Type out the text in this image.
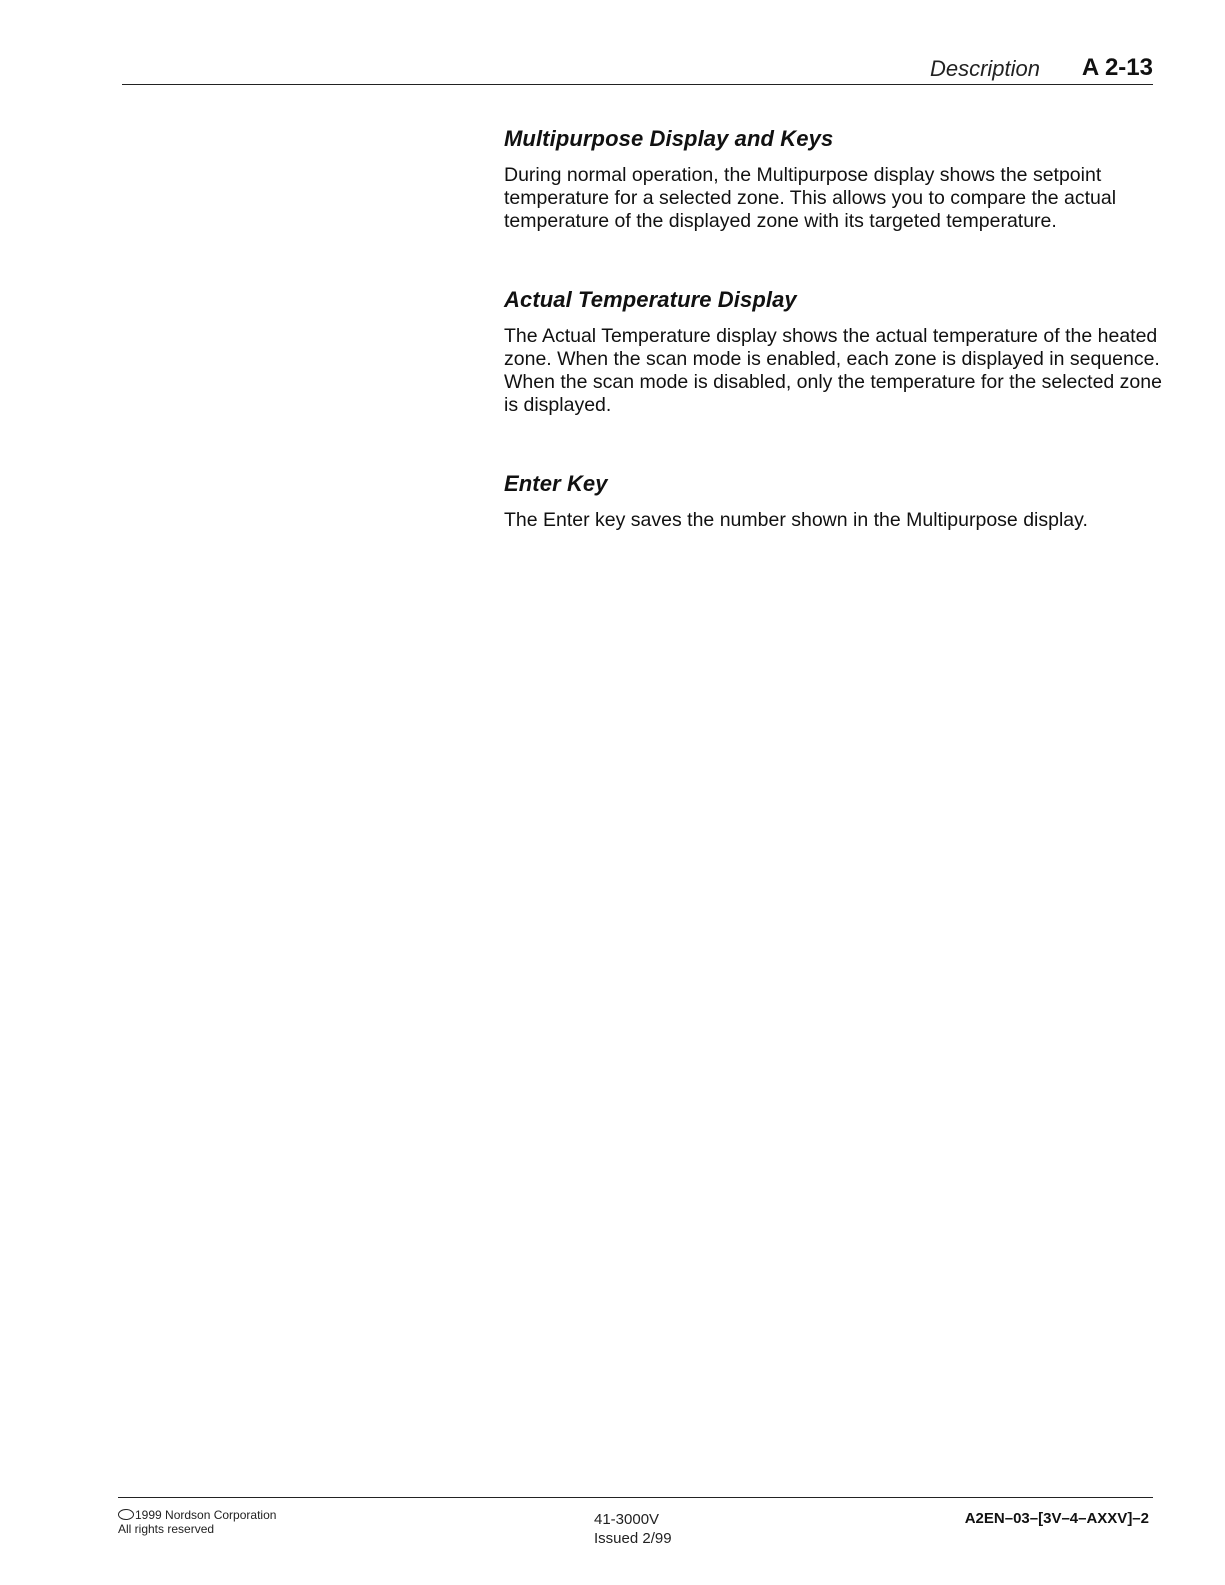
Description A 2-13
Multipurpose Display and Keys

During normal operation, the Multipurpose display shows the setpoint temperature for a selected zone. This allows you to compare the actual temperature of the displayed zone with its targeted temperature.

Actual Temperature Display

The Actual Temperature display shows the actual temperature of the heated zone. When the scan mode is enabled, each zone is displayed in sequence. When the scan mode is disabled, only the temperature for the selected zone is displayed.

Enter Key

The Enter key saves the number shown in the Multipurpose display.

1999 Nordson Corporation
All rights reserved
41-3000V
Issued 2/99
A2EN–03–[3V–4–AXXV]–2
